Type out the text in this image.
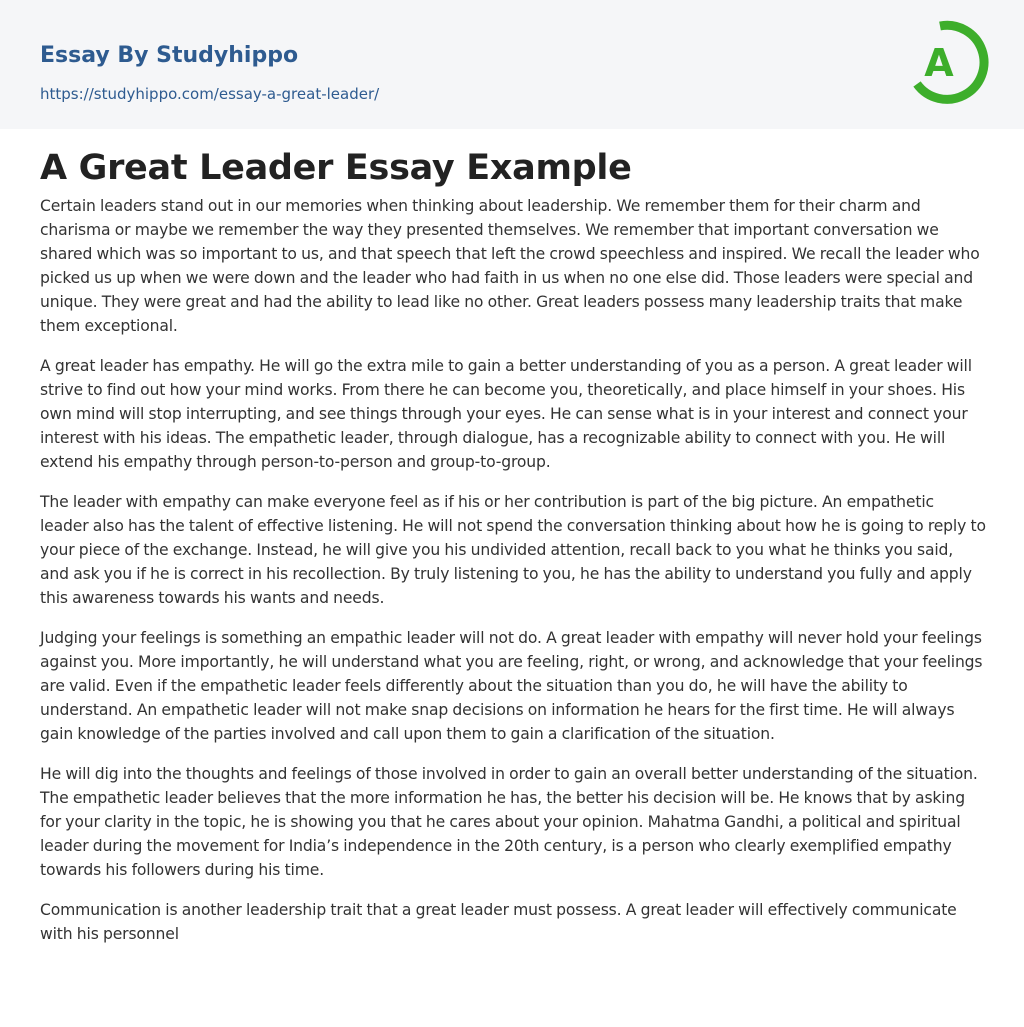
Essay By Studyhippo
https://studyhippo.com/essay-a-great-leader/
A
A Great Leader Essay Example

Certain leaders stand out in our memories when thinking about leadership. We remember them for their charm and charisma or maybe we remember the way they presented themselves. We remember that important conversation we shared which was so important to us, and that speech that left the crowd speechless and inspired. We recall the leader who picked us up when we were down and the leader who had faith in us when no one else did. Those leaders were special and unique. They were great and had the ability to lead like no other. Great leaders possess many leadership traits that make them exceptional.

A great leader has empathy. He will go the extra mile to gain a better understanding of you as a person. A great leader will strive to find out how your mind works. From there he can become you, theoretically, and place himself in your shoes. His own mind will stop interrupting, and see things through your eyes. He can sense what is in your interest and connect your interest with his ideas. The empathetic leader, through dialogue, has a recognizable ability to connect with you. He will extend his empathy through person-to-person and group-to-group.

The leader with empathy can make everyone feel as if his or her contribution is part of the big picture. An empathetic leader also has the talent of effective listening. He will not spend the conversation thinking about how he is going to reply to your piece of the exchange. Instead, he will give you his undivided attention, recall back to you what he thinks you said, and ask you if he is correct in his recollection. By truly listening to you, he has the ability to understand you fully and apply this awareness towards his wants and needs.

Judging your feelings is something an empathic leader will not do. A great leader with empathy will never hold your feelings against you. More importantly, he will understand what you are feeling, right, or wrong, and acknowledge that your feelings are valid. Even if the empathetic leader feels differently about the situation than you do, he will have the ability to understand. An empathetic leader will not make snap decisions on information he hears for the first time. He will always gain knowledge of the parties involved and call upon them to gain a clarification of the situation.

He will dig into the thoughts and feelings of those involved in order to gain an overall better understanding of the situation. The empathetic leader believes that the more information he has, the better his decision will be. He knows that by asking for your clarity in the topic, he is showing you that he cares about your opinion. Mahatma Gandhi, a political and spiritual leader during the movement for India’s independence in the 20th century, is a person who clearly exemplified empathy towards his followers during his time.

Communication is another leadership trait that a great leader must possess. A great leader will effectively communicate with his personnel
